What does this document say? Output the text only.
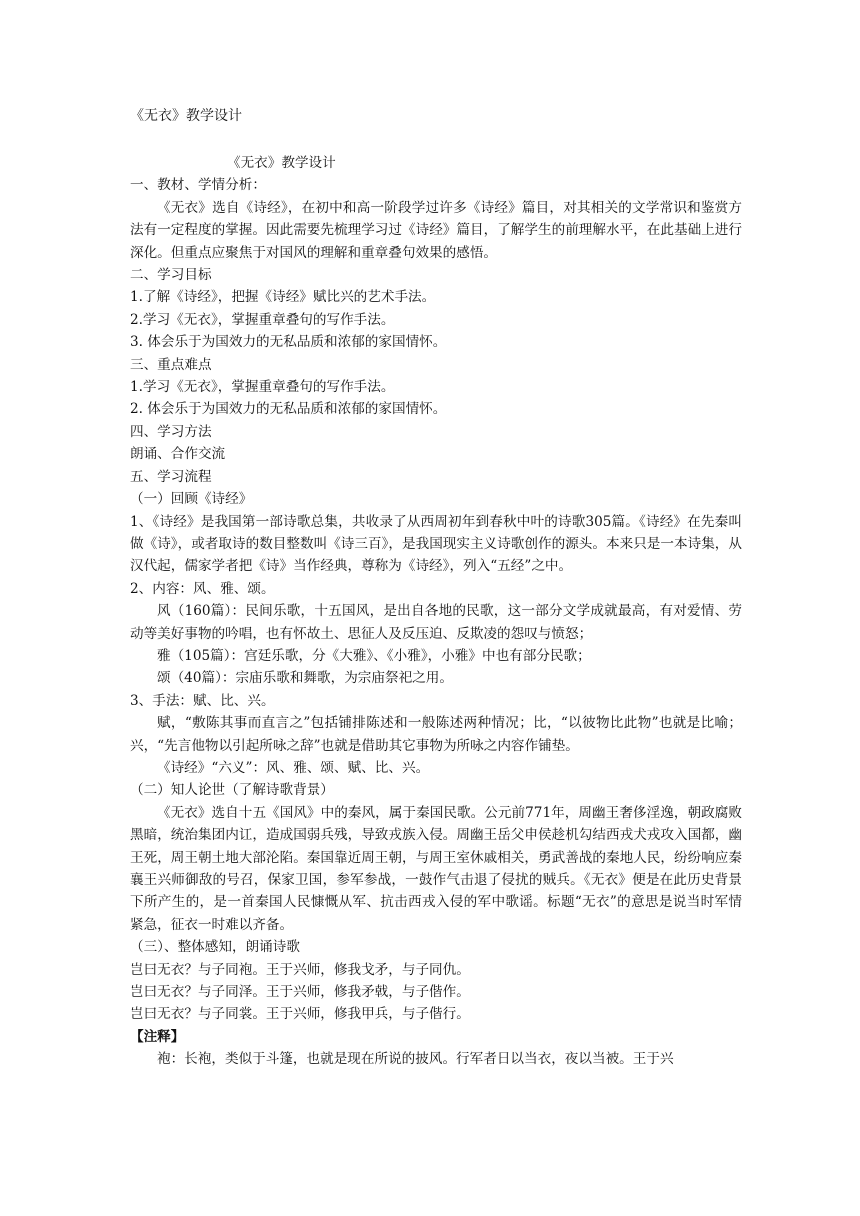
《无衣》教学设计
《无衣》教学设计
一、教材、学情分析：
《无衣》选自《诗经》，在初中和高一阶段学过许多《诗经》篇目，对其相关的文学常识和鉴赏方法有一定程度的掌握。因此需要先梳理学习过《诗经》篇目，了解学生的前理解水平，在此基础上进行深化。但重点应聚焦于对国风的理解和重章叠句效果的感悟。
二、学习目标
1.了解《诗经》，把握《诗经》赋比兴的艺术手法。
2.学习《无衣》，掌握重章叠句的写作手法。
3. 体会乐于为国效力的无私品质和浓郁的家国情怀。
三、重点难点
1.学习《无衣》，掌握重章叠句的写作手法。
2. 体会乐于为国效力的无私品质和浓郁的家国情怀。
四、学习方法
朗诵、合作交流
五、学习流程
（一）回顾《诗经》
1、《诗经》是我国第一部诗歌总集，共收录了从西周初年到春秋中叶的诗歌305篇。《诗经》在先秦叫做《诗》，或者取诗的数目整数叫《诗三百》，是我国现实主义诗歌创作的源头。本来只是一本诗集，从汉代起，儒家学者把《诗》当作经典，尊称为《诗经》，列入“五经”之中。
2、内容：风、雅、颂。
风（160篇）：民间乐歌，十五国风，是出自各地的民歌，这一部分文学成就最高，有对爱情、劳动等美好事物的吟唱，也有怀故土、思征人及反压迫、反欺凌的怨叹与愤怒；
雅（105篇）：宫廷乐歌，分《大雅》、《小雅》，小雅》中也有部分民歌；
颂（40篇）：宗庙乐歌和舞歌，为宗庙祭祀之用。
3、手法：赋、比、兴。
赋，“敷陈其事而直言之”包括铺排陈述和一般陈述两种情况；比，“以彼物比此物”也就是比喻；兴，“先言他物以引起所咏之辞”也就是借助其它事物为所咏之内容作铺垫。
《诗经》“六义”：风、雅、颂、赋、比、兴。
（二）知人论世（了解诗歌背景）
《无衣》选自十五《国风》中的秦风，属于秦国民歌。公元前771年，周幽王奢侈淫逸，朝政腐败黑暗，统治集团内讧，造成国弱兵残，导致戎族入侵。周幽王岳父申侯趁机勾结西戎犬戎攻入国都，幽王死，周王朝土地大部沦陷。秦国靠近周王朝，与周王室休戚相关，勇武善战的秦地人民，纷纷响应秦襄王兴师御敌的号召，保家卫国，参军参战，一鼓作气击退了侵扰的贼兵。《无衣》便是在此历史背景下所产生的，是一首秦国人民慷慨从军、抗击西戎入侵的军中歌谣。标题“无衣”的意思是说当时军情紧急，征衣一时难以齐备。
（三）、整体感知，朗诵诗歌
岂曰无衣？与子同袍。王于兴师，修我戈矛，与子同仇。
岂曰无衣？与子同泽。王于兴师，修我矛戟，与子偕作。
岂曰无衣？与子同裳。王于兴师，修我甲兵，与子偕行。
【注释】
袍：长袍，类似于斗篷，也就是现在所说的披风。行军者日以当衣，夜以当被。王于兴
